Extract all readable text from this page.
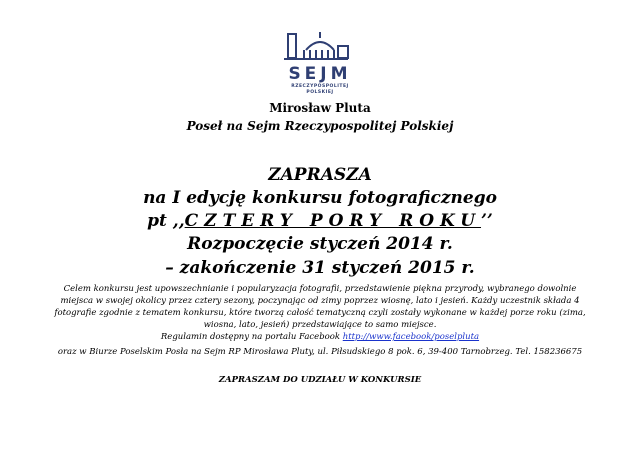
SEJM
RZECZYPOSPOLITEJ
POLSKIEJ
Mirosław Pluta
Poseł na Sejm Rzeczypospolitej Polskiej
ZAPRASZA
na I edycję konkursu fotograficznego
pt ,,CZTERY PORY ROKU’’
Rozpoczęcie styczeń 2014 r.
– zakończenie 31 styczeń 2015 r.
Celem konkursu jest upowszechnianie i popularyzacja fotografii, przedstawienie piękna przyrody, wybranego dowolnie
miejsca w swojej okolicy przez cztery sezony, poczynając od zimy poprzez wiosnę, lato i jesień. Każdy uczestnik składa 4
fotografie zgodnie z tematem konkursu, które tworzą całość tematyczną czyli zostały wykonane w każdej porze roku (zima,
wiosna, lato, jesień) przedstawiające to samo miejsce.
Regulamin dostępny na portalu Facebook http://www.facebook/poselpluta
oraz w Biurze Poselskim Posła na Sejm RP Mirosława Pluty, ul. Piłsudskiego 8 pok. 6, 39-400 Tarnobrzeg. Tel. 158236675
ZAPRASZAM DO UDZIAŁU W KONKURSIE
